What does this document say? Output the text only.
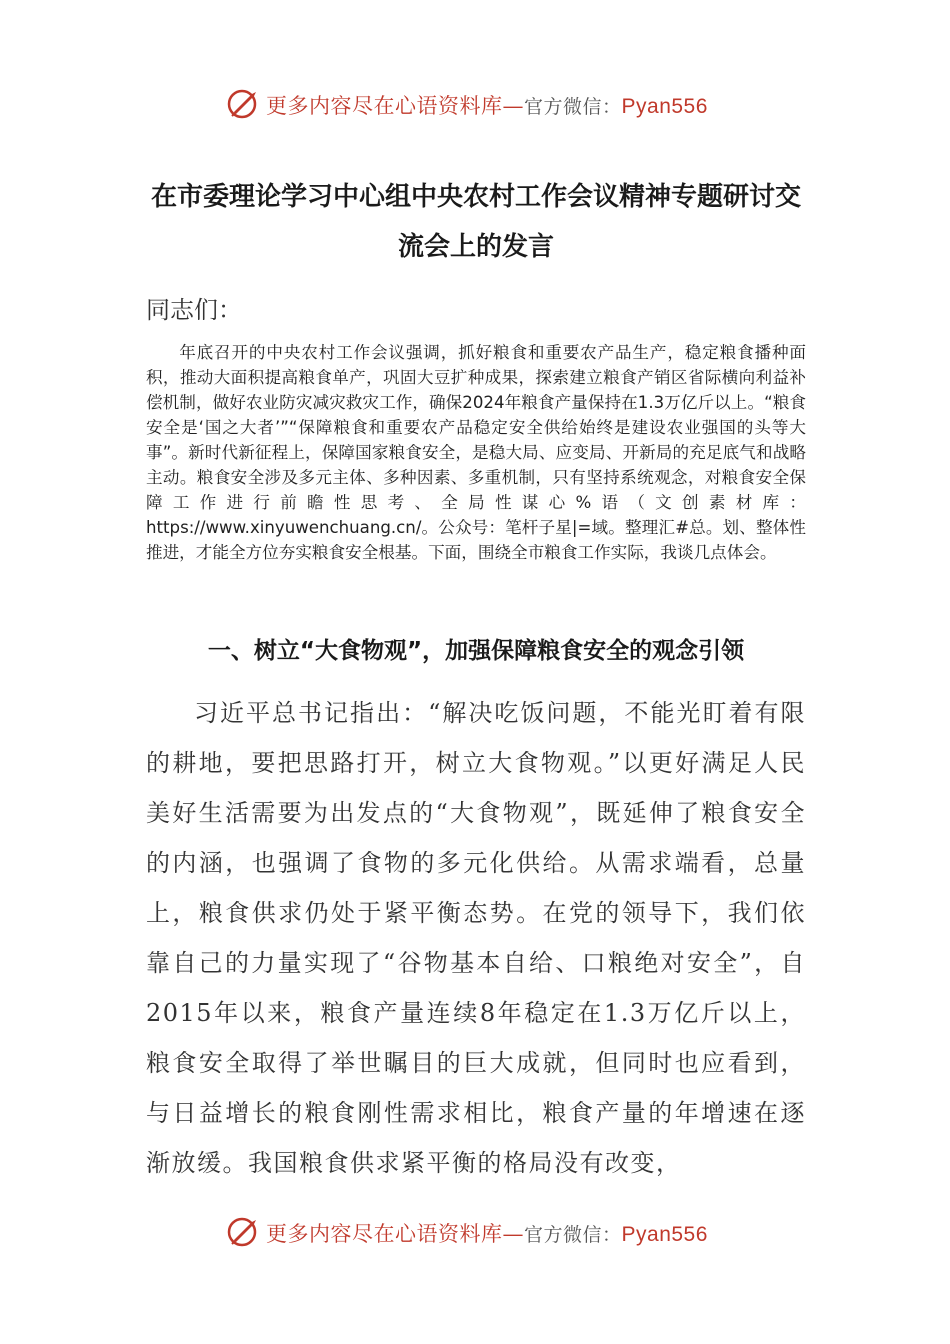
更多内容尽在心语资料库—官方微信：Pyan556
在市委理论学习中心组中央农村工作会议精神专题研讨交流会上的发言
同志们：
年底召开的中央农村工作会议强调，抓好粮食和重要农产品生产，稳定粮食播种面积，推动大面积提高粮食单产，巩固大豆扩种成果，探索建立粮食产销区省际横向利益补偿机制，做好农业防灾减灾救灾工作，确保2024年粮食产量保持在1.3万亿斤以上。“粮食安全是‘国之大者’”“保障粮食和重要农产品稳定安全供给始终是建设农业强国的头等大事”。新时代新征程上，保障国家粮食安全，是稳大局、应变局、开新局的充足底气和战略主动。粮食安全涉及多元主体、多种因素、多重机制，只有坚持系统观念，对粮食安全保障工作进行前瞻性思考、全局性谋心%语（文创素材库：https://www.xinyuwenchuang.cn/。公众号：笔杆子星|=域。整理汇#总。划、整体性推进，才能全方位夯实粮食安全根基。下面，围绕全市粮食工作实际，我谈几点体会。
一、树立“大食物观”，加强保障粮食安全的观念引领
习近平总书记指出：“解决吃饭问题，不能光盯着有限的耕地，要把思路打开，树立大食物观。”以更好满足人民美好生活需要为出发点的“大食物观”，既延伸了粮食安全的内涵，也强调了食物的多元化供给。从需求端看，总量上，粮食供求仍处于紧平衡态势。在党的领导下，我们依靠自己的力量实现了“谷物基本自给、口粮绝对安全”，自2015年以来，粮食产量连续8年稳定在1.3万亿斤以上，粮食安全取得了举世瞩目的巨大成就，但同时也应看到，与日益增长的粮食刚性需求相比，粮食产量的年增速在逐渐放缓。我国粮食供求紧平衡的格局没有改变，
更多内容尽在心语资料库—官方微信：Pyan556
